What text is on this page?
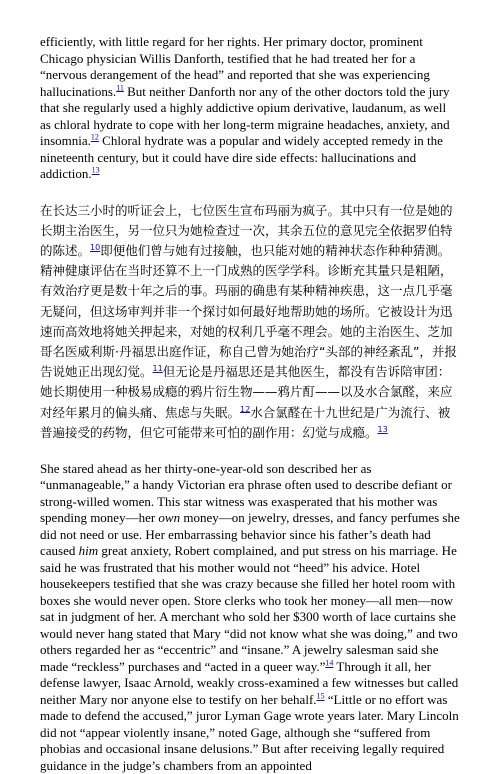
efficiently, with little regard for her rights. Her primary doctor, prominent Chicago physician Willis Danforth, testified that he had treated her for a “nervous derangement of the head” and reported that she was experiencing hallucinations.$^{11}$ But neither Danforth nor any of the other doctors told the jury that she regularly used a highly addictive opium derivative, laudanum, as well as chloral hydrate to cope with her long-term migraine headaches, anxiety, and insomnia.$^{12}$ Chloral hydrate was a popular and widely accepted remedy in the nineteenth century, but it could have dire side effects: hallucinations and addiction.$^{13}$

在长达三小时的听证会上，七位医生宣布玛丽为疯子。其中只有一位是她的长期主治医生，另一位只为她检查过一次，其余五位的意见完全依据罗伯特的陈述。$^{10}$即便他们曾与她有过接触，也只能对她的精神状态作种种猜测。精神健康评估在当时还算不上一门成熟的医学学科。诊断充其量只是粗陋，有效治疗更是数十年之后的事。玛丽的确患有某种精神疾患，这一点几乎毫无疑问，但这场审判并非一个探讨如何最好地帮助她的场所。它被设计为迅速而高效地将她关押起来，对她的权利几乎毫不理会。她的主治医生、芝加哥名医威利斯·丹福思出庭作证，称自己曾为她治疗“头部的神经紊乱”，并报告说她正出现幻觉。$^{11}$但无论是丹福思还是其他医生，都没有告诉陪审团：她长期使用一种极易成瘾的鸦片衍生物——鸦片酊——以及水合氯醛，来应对经年累月的偏头痛、焦虑与失眠。$^{12}$水合氯醛在十九世纪是广为流行、被普遍接受的药物，但它可能带来可怕的副作用：幻觉与成瘾。$^{13}$

She stared ahead as her thirty-one-year-old son described her as “unmanageable,” a handy Victorian era phrase often used to describe defiant or strong-willed women. This star witness was exasperated that his mother was spending money—her own money—on jewelry, dresses, and fancy perfumes she did not need or use. Her embarrassing behavior since his father’s death had caused him great anxiety, Robert complained, and put stress on his marriage. He said he was frustrated that his mother would not “heed” his advice. Hotel housekeepers testified that she was crazy because she filled her hotel room with boxes she would never open. Store clerks who took her money—all men—now sat in judgment of her. A merchant who sold her $300 worth of lace curtains she would never hang stated that Mary “did not know what she was doing,” and two others regarded her as “eccentric” and “insane.” A jewelry salesman said she made “reckless” purchases and “acted in a queer way.”$^{14}$ Through it all, her defense lawyer, Isaac Arnold, weakly cross-examined a few witnesses but called neither Mary nor anyone else to testify on her behalf.$^{15}$ “Little or no effort was made to defend the accused,” juror Lyman Gage wrote years later. Mary Lincoln did not “appear violently insane,” noted Gage, although she “suffered from phobias and occasional insane delusions.” But after receiving legally required guidance in the judge’s chambers from an appointed
